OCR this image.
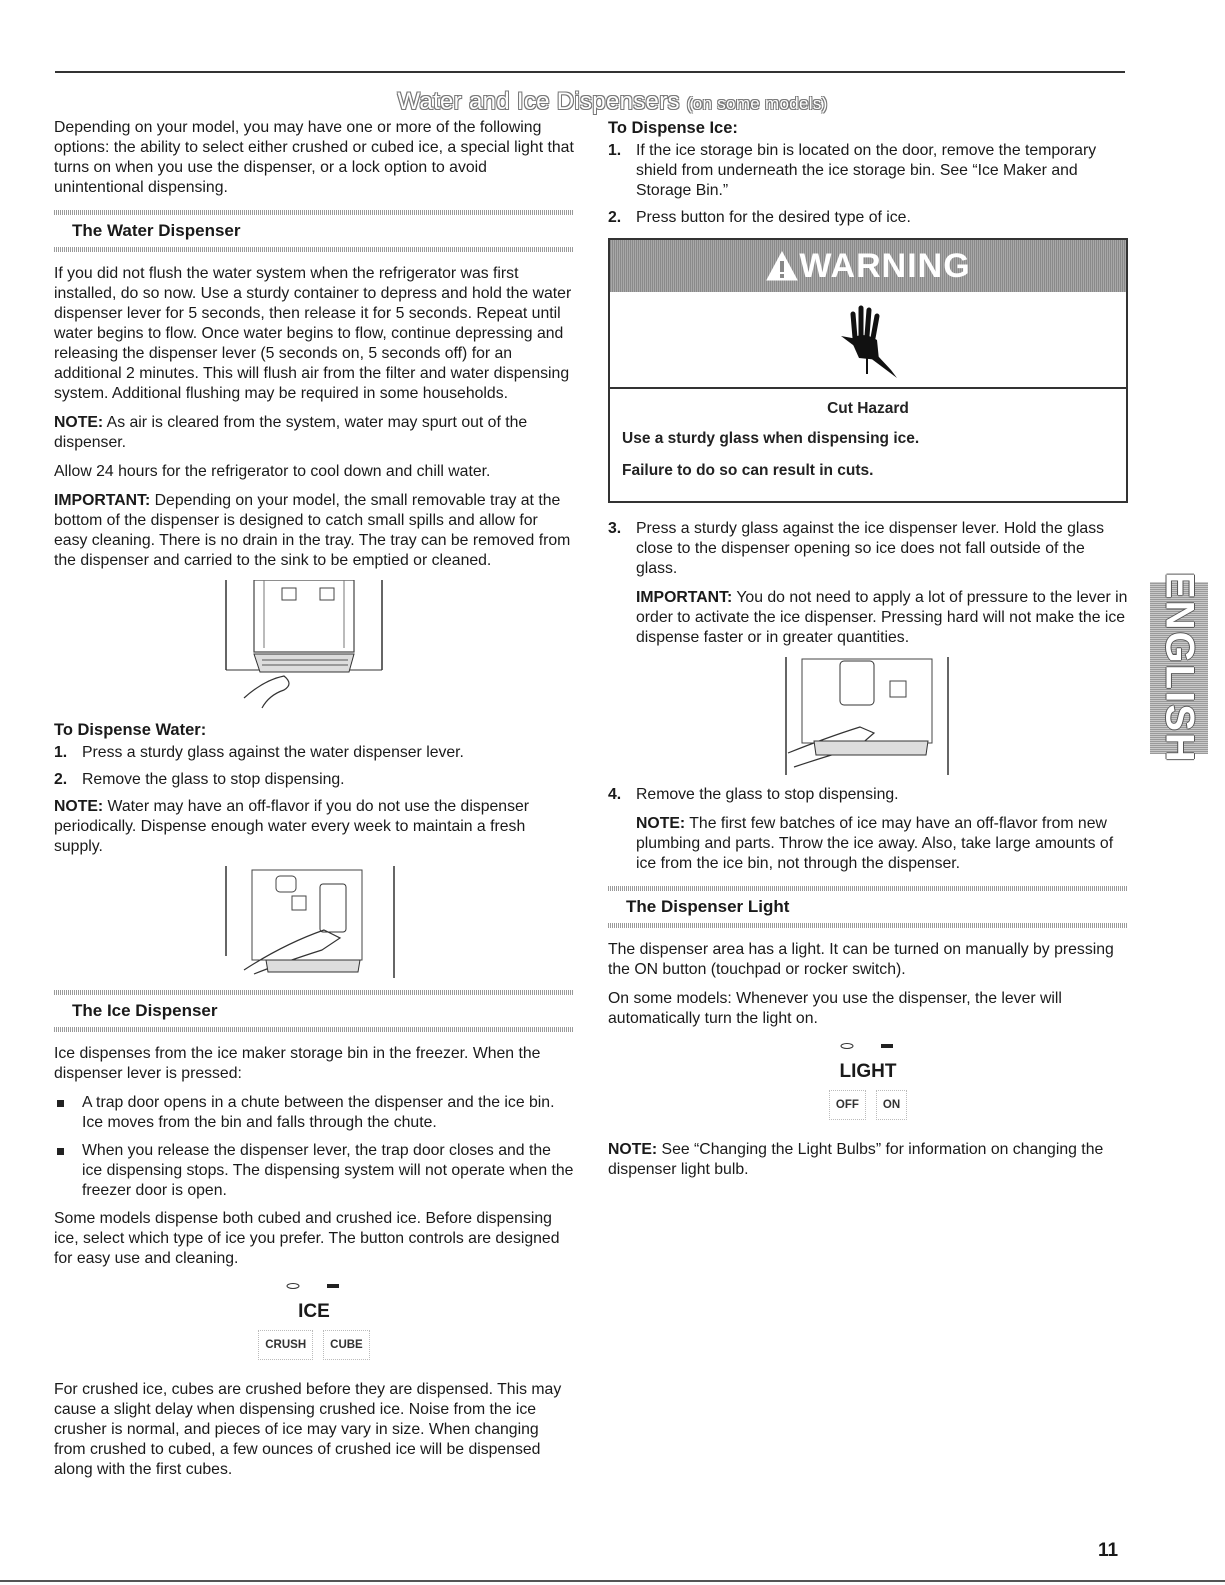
Water and Ice Dispensers (on some models)

Depending on your model, you may have one or more of the following options: the ability to select either crushed or cubed ice, a special light that turns on when you use the dispenser, or a lock option to avoid unintentional dispensing.

The Water Dispenser

If you did not flush the water system when the refrigerator was first installed, do so now. Use a sturdy container to depress and hold the water dispenser lever for 5 seconds, then release it for 5 seconds. Repeat until water begins to flow. Once water begins to flow, continue depressing and releasing the dispenser lever (5 seconds on, 5 seconds off) for an additional 2 minutes. This will flush air from the filter and water dispensing system. Additional flushing may be required in some households.

NOTE: As air is cleared from the system, water may spurt out of the dispenser.

Allow 24 hours for the refrigerator to cool down and chill water.

IMPORTANT: Depending on your model, the small removable tray at the bottom of the dispenser is designed to catch small spills and allow for easy cleaning. There is no drain in the tray. The tray can be removed from the dispenser and carried to the sink to be emptied or cleaned.

To Dispense Water:
1. Press a sturdy glass against the water dispenser lever.
2. Remove the glass to stop dispensing.

NOTE: Water may have an off-flavor if you do not use the dispenser periodically. Dispense enough water every week to maintain a fresh supply.

The Ice Dispenser

Ice dispenses from the ice maker storage bin in the freezer. When the dispenser lever is pressed:

A trap door opens in a chute between the dispenser and the ice bin. Ice moves from the bin and falls through the chute.
When you release the dispenser lever, the trap door closes and the ice dispensing stops. The dispensing system will not operate when the freezer door is open.

Some models dispense both cubed and crushed ice. Before dispensing ice, select which type of ice you prefer. The button controls are designed for easy use and cleaning.

ICE
CRUSH	CUBE

For crushed ice, cubes are crushed before they are dispensed. This may cause a slight delay when dispensing crushed ice. Noise from the ice crusher is normal, and pieces of ice may vary in size. When changing from crushed to cubed, a few ounces of crushed ice will be dispensed along with the first cubes.

To Dispense Ice:
1. If the ice storage bin is located on the door, remove the temporary shield from underneath the ice storage bin. See “Ice Maker and Storage Bin.”
2. Press button for the desired type of ice.
WARNING
Cut Hazard

Use a sturdy glass when dispensing ice.

Failure to do so can result in cuts.

3. Press a sturdy glass against the ice dispenser lever. Hold the glass close to the dispenser opening so ice does not fall outside of the glass.

IMPORTANT: You do not need to apply a lot of pressure to the lever in order to activate the ice dispenser. Pressing hard will not make the ice dispense faster or in greater quantities.

4. Remove the glass to stop dispensing.

NOTE: The first few batches of ice may have an off-flavor from new plumbing and parts. Throw the ice away. Also, take large amounts of ice from the ice bin, not through the dispenser.

The Dispenser Light

The dispenser area has a light. It can be turned on manually by pressing the ON button (touchpad or rocker switch).

On some models: Whenever you use the dispenser, the lever will automatically turn the light on.

LIGHT
OFF	ON

NOTE: See “Changing the Light Bulbs” for information on changing the dispenser light bulb.

ENGLISH
11
